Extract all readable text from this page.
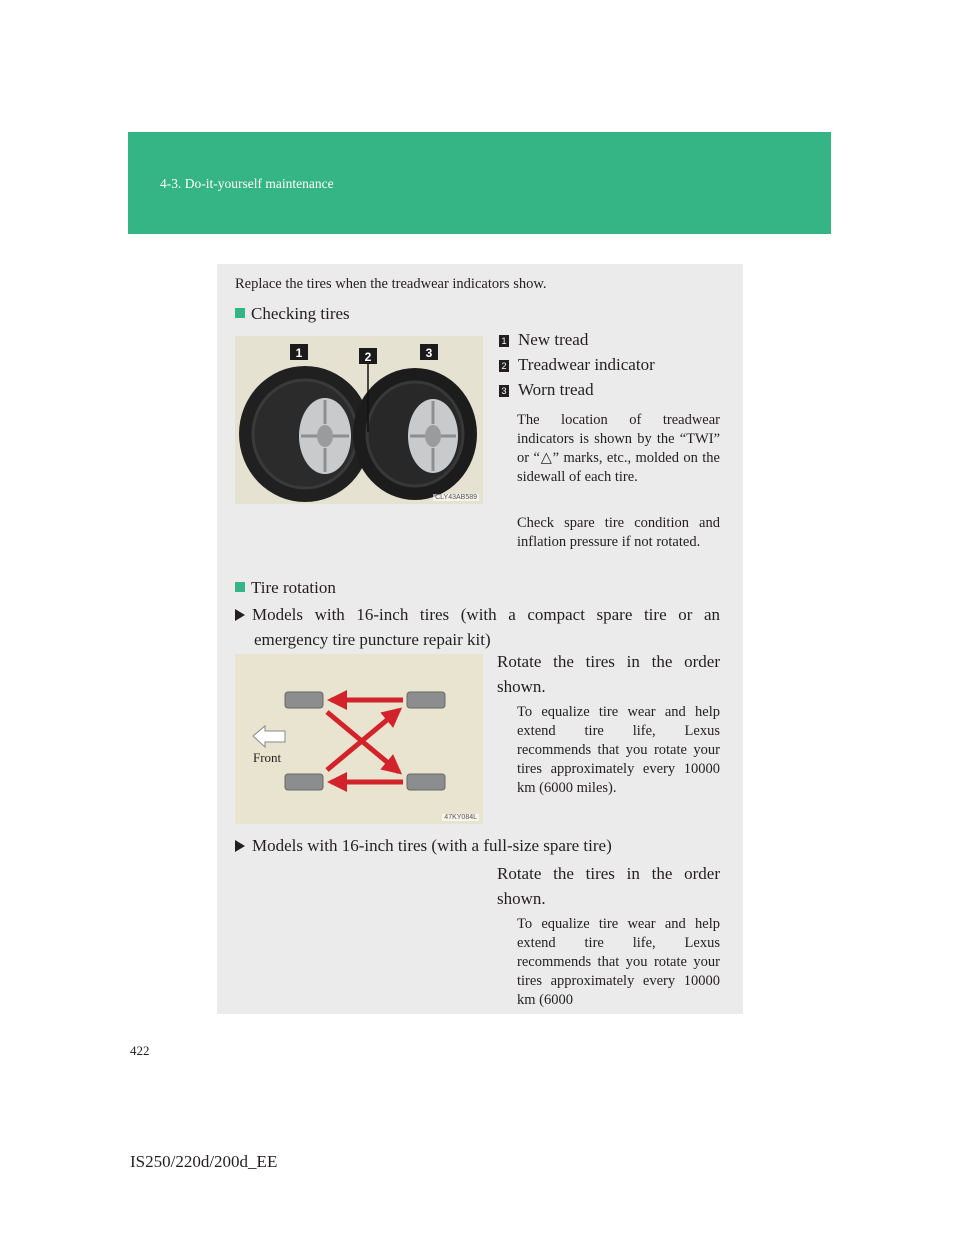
4-3. Do-it-yourself maintenance
Replace the tires when the treadwear indicators show.
Checking tires
1	2	3
CLY43AB589
1 New tread
2 Treadwear indicator
3 Worn tread
The location of treadwear indicators is shown by the “TWI” or “△” marks, etc., molded on the sidewall of each tire.
Check spare tire condition and inflation pressure if not rotated.
Tire rotation
Models with 16-inch tires (with a compact spare tire or an emergency tire puncture repair kit)
Front
47KY084L
Rotate the tires in the order shown.
To equalize tire wear and help extend tire life, Lexus recommends that you rotate your tires approximately every 10000 km (6000 miles).
Models with 16-inch tires (with a full-size spare tire)
Rotate the tires in the order shown.
To equalize tire wear and help extend tire life, Lexus recommends that you rotate your tires approximately every 10000 km (6000
422
IS250/220d/200d_EE
